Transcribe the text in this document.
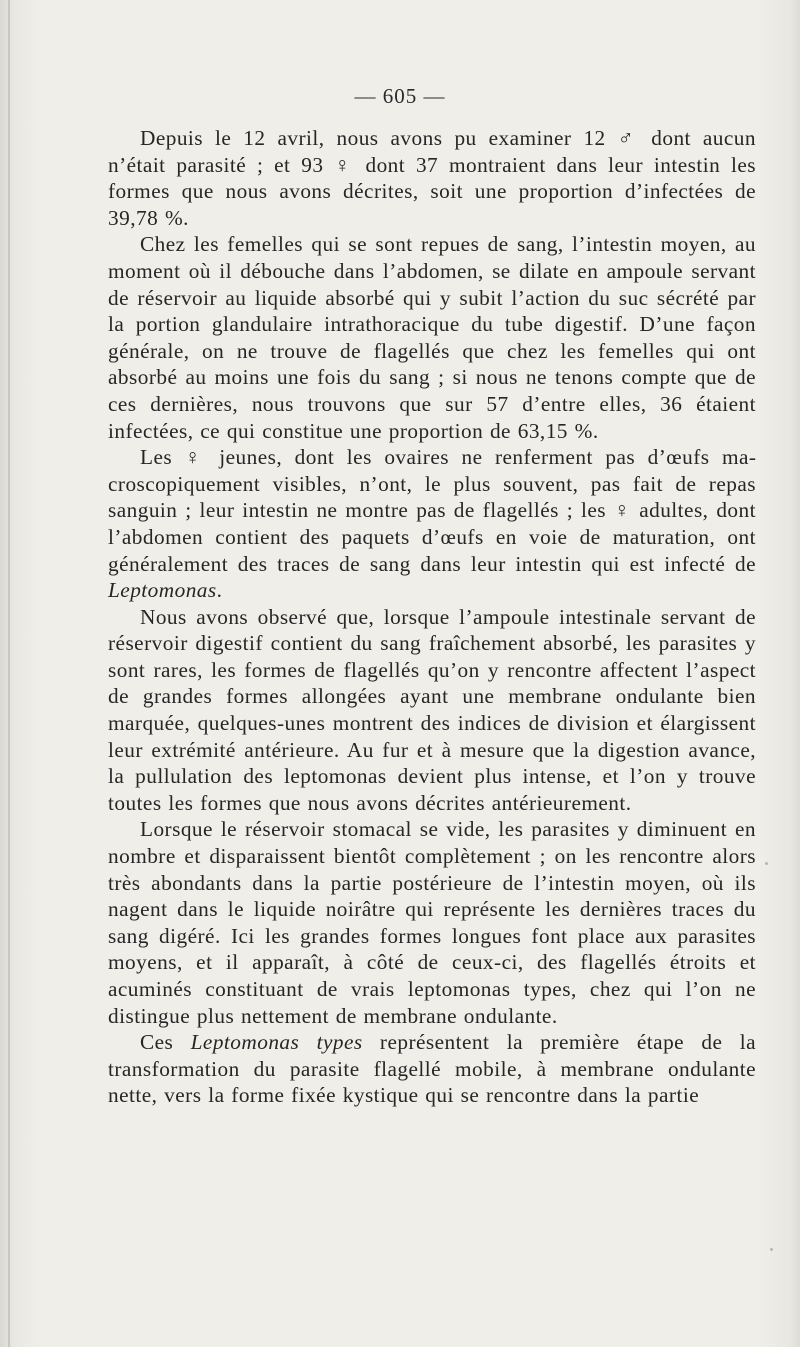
— 605 —

Depuis le 12 avril, nous avons pu examiner 12 ♂ dont aucun n’était parasité ; et 93 ♀ dont 37 montraient dans leur intestin les formes que nous avons décrites, soit une proportion d’infectées de 39,78 %.

Chez les femelles qui se sont repues de sang, l’intestin moyen, au moment où il débouche dans l’abdomen, se dilate en ampoule servant de réservoir au liquide absorbé qui y subit l’action du suc sécrété par la portion glandulaire intrathoracique du tube digestif. D’une façon générale, on ne trouve de flagellés que chez les femelles qui ont absorbé au moins une fois du sang ; si nous ne tenons compte que de ces dernières, nous trouvons que sur 57 d’entre elles, 36 étaient infectées, ce qui constitue une proportion de 63,15 %.

Les ♀ jeunes, dont les ovaires ne renferment pas d’œufs macroscopiquement visibles, n’ont, le plus souvent, pas fait de repas sanguin ; leur intestin ne montre pas de flagellés ; les ♀ adultes, dont l’abdomen contient des paquets d’œufs en voie de maturation, ont généralement des traces de sang dans leur intestin qui est infecté de Leptomonas.

Nous avons observé que, lorsque l’ampoule intestinale servant de réservoir digestif contient du sang fraîchement absorbé, les parasites y sont rares, les formes de flagellés qu’on y rencontre affectent l’aspect de grandes formes allongées ayant une membrane ondulante bien marquée, quelques-unes montrent des indices de division et élargissent leur extrémité antérieure. Au fur et à mesure que la digestion avance, la pullulation des leptomonas devient plus intense, et l’on y trouve toutes les formes que nous avons décrites antérieurement.

Lorsque le réservoir stomacal se vide, les parasites y diminuent en nombre et disparaissent bientôt complètement ; on les rencontre alors très abondants dans la partie postérieure de l’intestin moyen, où ils nagent dans le liquide noirâtre qui représente les dernières traces du sang digéré. Ici les grandes formes longues font place aux parasites moyens, et il apparaît, à côté de ceux-ci, des flagellés étroits et acuminés constituant de vrais leptomonas types, chez qui l’on ne distingue plus nettement de membrane ondulante.

Ces Leptomonas types représentent la première étape de la transformation du parasite flagellé mobile, à membrane ondulante nette, vers la forme fixée kystique qui se rencontre dans la partie
